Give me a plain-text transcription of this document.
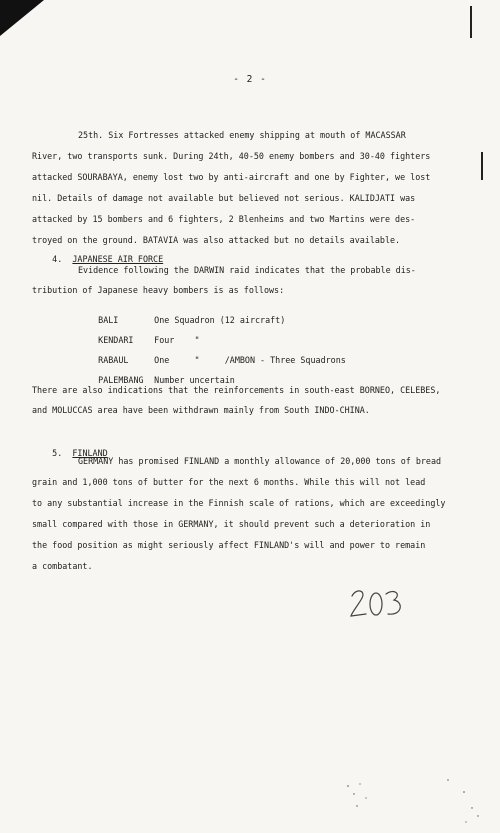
- 2 -
25th. Six Fortresses attacked enemy shipping at mouth of MACASSAR
River, two transports sunk. During 24th, 40-50 enemy bombers and 30-40 fighters
attacked SOURABAYA, enemy lost two by anti-aircraft and one by Fighter, we lost
nil. Details of damage not available but believed not serious. KALIDJATI was
attacked by 15 bombers and 6 fighters, 2 Blenheims and two Martins were des-
troyed on the ground. BATAVIA was also attacked but no details available.

4. JAPANESE AIR FORCE

Evidence following the DARWIN raid indicates that the probable dis-
tribution of Japanese heavy bombers is as follows:

BALI	One Squadron (12 aircraft)

KENDARI Four    "

RABAUL	One     "     /AMBON - Three Squadrons

PALEMBANG Number uncertain

There are also indications that the reinforcements in south-east BORNEO, CELEBES,
and MOLUCCAS area have been withdrawn mainly from South INDO-CHINA.

5. FINLAND

GERMANY has promised FINLAND a monthly allowance of 20,000 tons of bread
grain and 1,000 tons of butter for the next 6 months. While this will not lead
to any substantial increase in the Finnish scale of rations, which are exceedingly
small compared with those in GERMANY, it should prevent such a deterioration in
the food position as might seriously affect FINLAND's will and power to remain
a combatant.
